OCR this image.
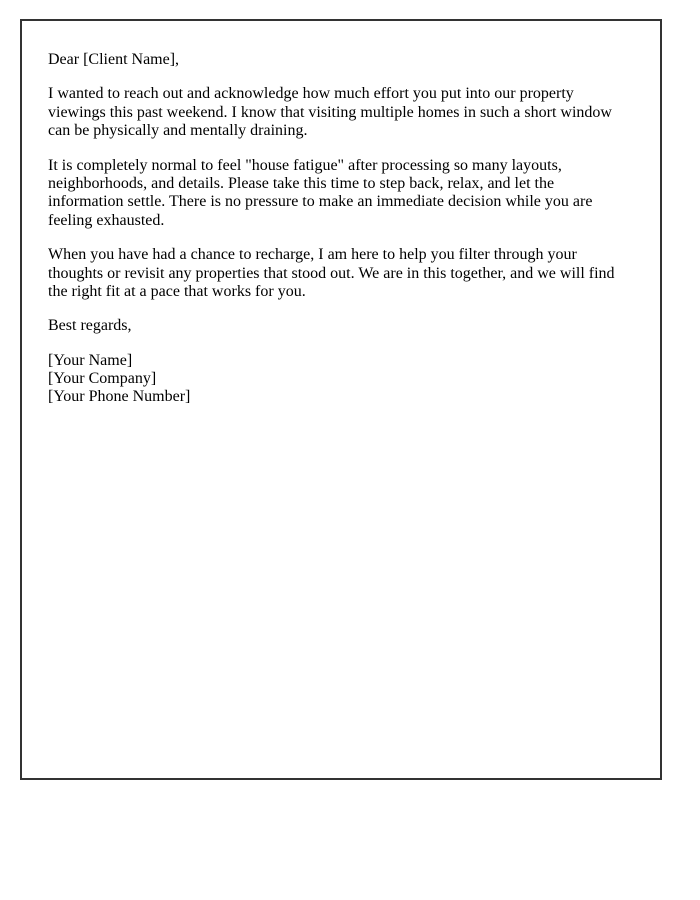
Dear [Client Name],

I wanted to reach out and acknowledge how much effort you put into our property viewings this past weekend. I know that visiting multiple homes in such a short window can be physically and mentally draining.

It is completely normal to feel "house fatigue" after processing so many layouts, neighborhoods, and details. Please take this time to step back, relax, and let the information settle. There is no pressure to make an immediate decision while you are feeling exhausted.

When you have had a chance to recharge, I am here to help you filter through your thoughts or revisit any properties that stood out. We are in this together, and we will find the right fit at a pace that works for you.

Best regards,

[Your Name]
[Your Company]
[Your Phone Number]
